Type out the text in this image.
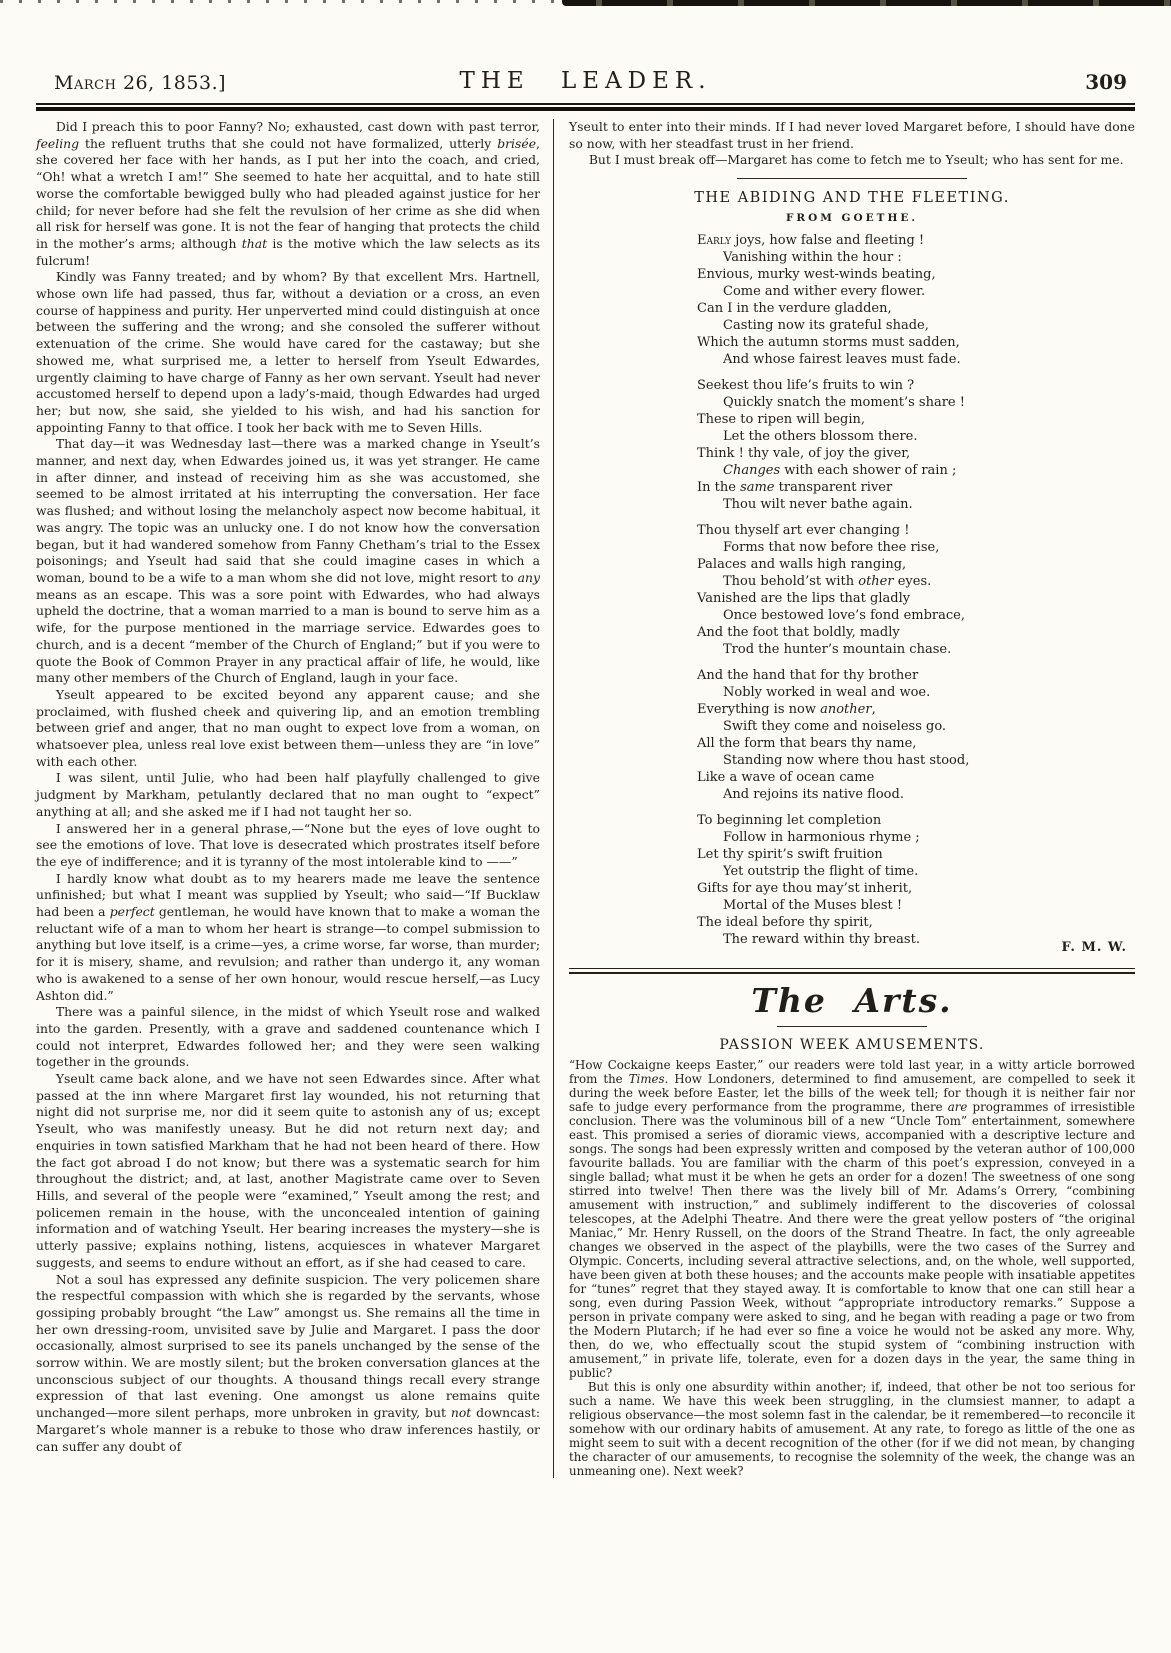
March 26, 1853.]	THE LEADER.	309

Did I preach this to poor Fanny? No; exhausted, cast down with past terror, feeling the refluent truths that she could not have formalized, utterly brisée, she covered her face with her hands, as I put her into the coach, and cried, “Oh! what a wretch I am!” She seemed to hate her acquittal, and to hate still worse the comfortable bewigged bully who had pleaded against justice for her child; for never before had she felt the revulsion of her crime as she did when all risk for herself was gone. It is not the fear of hanging that protects the child in the mother’s arms; although that is the motive which the law selects as its fulcrum!

Kindly was Fanny treated; and by whom? By that excellent Mrs. Hartnell, whose own life had passed, thus far, without a deviation or a cross, an even course of happiness and purity. Her unperverted mind could distinguish at once between the suffering and the wrong; and she consoled the sufferer without extenuation of the crime. She would have cared for the castaway; but she showed me, what surprised me, a letter to herself from Yseult Edwardes, urgently claiming to have charge of Fanny as her own servant. Yseult had never accustomed herself to depend upon a lady’s-maid, though Edwardes had urged her; but now, she said, she yielded to his wish, and had his sanction for appointing Fanny to that office. I took her back with me to Seven Hills.

That day—it was Wednesday last—there was a marked change in Yseult’s manner, and next day, when Edwardes joined us, it was yet stranger. He came in after dinner, and instead of receiving him as she was accustomed, she seemed to be almost irritated at his interrupting the conversation. Her face was flushed; and without losing the melancholy aspect now become habitual, it was angry. The topic was an unlucky one. I do not know how the conversation began, but it had wandered somehow from Fanny Chetham’s trial to the Essex poisonings; and Yseult had said that she could imagine cases in which a woman, bound to be a wife to a man whom she did not love, might resort to any means as an escape. This was a sore point with Edwardes, who had always upheld the doctrine, that a woman married to a man is bound to serve him as a wife, for the purpose mentioned in the marriage service. Edwardes goes to church, and is a decent “member of the Church of England;” but if you were to quote the Book of Common Prayer in any practical affair of life, he would, like many other members of the Church of England, laugh in your face.

Yseult appeared to be excited beyond any apparent cause; and she proclaimed, with flushed cheek and quivering lip, and an emotion trembling between grief and anger, that no man ought to expect love from a woman, on whatsoever plea, unless real love exist between them—unless they are “in love” with each other.

I was silent, until Julie, who had been half playfully challenged to give judgment by Markham, petulantly declared that no man ought to “expect” anything at all; and she asked me if I had not taught her so.

I answered her in a general phrase,—“None but the eyes of love ought to see the emotions of love. That love is desecrated which prostrates itself before the eye of indifference; and it is tyranny of the most intolerable kind to ——”

I hardly know what doubt as to my hearers made me leave the sentence unfinished; but what I meant was supplied by Yseult; who said—“If Bucklaw had been a perfect gentleman, he would have known that to make a woman the reluctant wife of a man to whom her heart is strange—to compel submission to anything but love itself, is a crime—yes, a crime worse, far worse, than murder; for it is misery, shame, and revulsion; and rather than undergo it, any woman who is awakened to a sense of her own honour, would rescue herself,—as Lucy Ashton did.”

There was a painful silence, in the midst of which Yseult rose and walked into the garden. Presently, with a grave and saddened countenance which I could not interpret, Edwardes followed her; and they were seen walking together in the grounds.

Yseult came back alone, and we have not seen Edwardes since. After what passed at the inn where Margaret first lay wounded, his not returning that night did not surprise me, nor did it seem quite to astonish any of us; except Yseult, who was manifestly uneasy. But he did not return next day; and enquiries in town satisfied Markham that he had not been heard of there. How the fact got abroad I do not know; but there was a systematic search for him throughout the district; and, at last, another Magistrate came over to Seven Hills, and several of the people were “examined,” Yseult among the rest; and policemen remain in the house, with the unconcealed intention of gaining information and of watching Yseult. Her bearing increases the mystery—she is utterly passive; explains nothing, listens, acquiesces in whatever Margaret suggests, and seems to endure without an effort, as if she had ceased to care.

Not a soul has expressed any definite suspicion. The very policemen share the respectful compassion with which she is regarded by the servants, whose gossiping probably brought “the Law” amongst us. She remains all the time in her own dressing-room, unvisited save by Julie and Margaret. I pass the door occasionally, almost surprised to see its panels unchanged by the sense of the sorrow within. We are mostly silent; but the broken conversation glances at the unconscious subject of our thoughts. A thousand things recall every strange expression of that last evening. One amongst us alone remains quite unchanged—more silent perhaps, more unbroken in gravity, but not downcast: Margaret’s whole manner is a rebuke to those who draw inferences hastily, or can suffer any doubt of

Yseult to enter into their minds. If I had never loved Margaret before, I should have done so now, with her steadfast trust in her friend.

But I must break off—Margaret has come to fetch me to Yseult; who has sent for me.

THE ABIDING AND THE FLEETING.
FROM GOETHE.
Early joys, how false and fleeting !
Vanishing within the hour :
Envious, murky west-winds beating,
Come and wither every flower.
Can I in the verdure gladden,
Casting now its grateful shade,
Which the autumn storms must sadden,
And whose fairest leaves must fade.
Seekest thou life’s fruits to win ?
Quickly snatch the moment’s share !
These to ripen will begin,
Let the others blossom there.
Think ! thy vale, of joy the giver,
Changes with each shower of rain ;
In the same transparent river
Thou wilt never bathe again.
Thou thyself art ever changing !
Forms that now before thee rise,
Palaces and walls high ranging,
Thou behold’st with other eyes.
Vanished are the lips that gladly
Once bestowed love’s fond embrace,
And the foot that boldly, madly
Trod the hunter’s mountain chase.
And the hand that for thy brother
Nobly worked in weal and woe.
Everything is now another,
Swift they come and noiseless go.
All the form that bears thy name,
Standing now where thou hast stood,
Like a wave of ocean came
And rejoins its native flood.
To beginning let completion
Follow in harmonious rhyme ;
Let thy spirit’s swift fruition
Yet outstrip the flight of time.
Gifts for aye thou may’st inherit,
Mortal of the Muses blest !
The ideal before thy spirit,
The reward within thy breast.
F. M. W.
The Arts.
PASSION WEEK AMUSEMENTS.

“How Cockaigne keeps Easter,” our readers were told last year, in a witty article borrowed from the Times. How Londoners, determined to find amusement, are compelled to seek it during the week before Easter, let the bills of the week tell; for though it is neither fair nor safe to judge every performance from the programme, there are programmes of irresistible conclusion. There was the voluminous bill of a new “Uncle Tom” entertainment, somewhere east. This promised a series of dioramic views, accompanied with a descriptive lecture and songs. The songs had been expressly written and composed by the veteran author of 100,000 favourite ballads. You are familiar with the charm of this poet’s expression, conveyed in a single ballad; what must it be when he gets an order for a dozen! The sweetness of one song stirred into twelve! Then there was the lively bill of Mr. Adams’s Orrery, “combining amusement with instruction,” and sublimely indifferent to the discoveries of colossal telescopes, at the Adelphi Theatre. And there were the great yellow posters of “the original Maniac,” Mr. Henry Russell, on the doors of the Strand Theatre. In fact, the only agreeable changes we observed in the aspect of the playbills, were the two cases of the Surrey and Olympic. Concerts, including several attractive selections, and, on the whole, well supported, have been given at both these houses; and the accounts make people with insatiable appetites for “tunes” regret that they stayed away. It is comfortable to know that one can still hear a song, even during Passion Week, without “appropriate introductory remarks.” Suppose a person in private company were asked to sing, and he began with reading a page or two from the Modern Plutarch; if he had ever so fine a voice he would not be asked any more. Why, then, do we, who effectually scout the stupid system of “combining instruction with amusement,” in private life, tolerate, even for a dozen days in the year, the same thing in public?

But this is only one absurdity within another; if, indeed, that other be not too serious for such a name. We have this week been struggling, in the clumsiest manner, to adapt a religious observance—the most solemn fast in the calendar, be it remembered—to reconcile it somehow with our ordinary habits of amusement. At any rate, to forego as little of the one as might seem to suit with a decent recognition of the other (for if we did not mean, by changing the character of our amusements, to recognise the solemnity of the week, the change was an unmeaning one). Next week?
